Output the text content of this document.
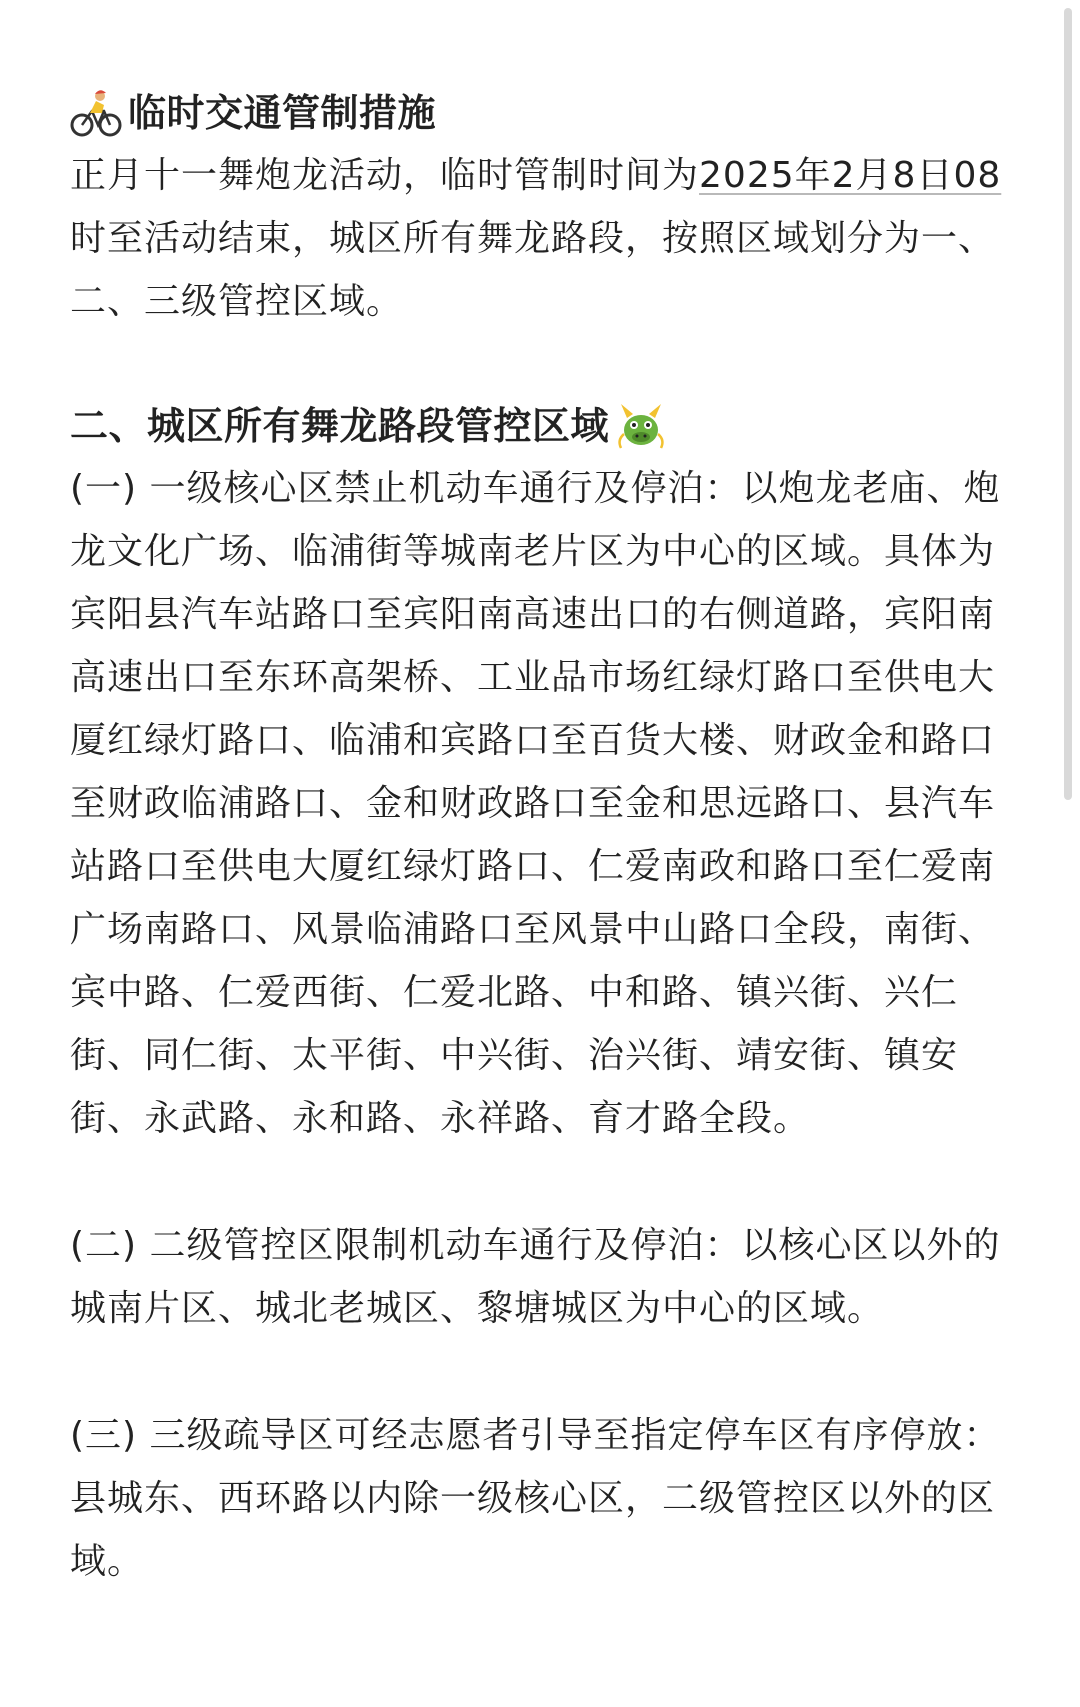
临时交通管制措施

正月十一舞炮龙活动，临时管制时间为2025年2月8日08时至活动结束，城区所有舞龙路段，按照区域划分为一、二、三级管控区域。

二、城区所有舞龙路段管控区域

(一) 一级核心区禁止机动车通行及停泊：以炮龙老庙、炮龙文化广场、临浦街等城南老片区为中心的区域。具体为宾阳县汽车站路口至宾阳南高速出口的右侧道路，宾阳南高速出口至东环高架桥、工业品市场红绿灯路口至供电大厦红绿灯路口、临浦和宾路口至百货大楼、财政金和路口至财政临浦路口、金和财政路口至金和思远路口、县汽车站路口至供电大厦红绿灯路口、仁爱南政和路口至仁爱南广场南路口、风景临浦路口至风景中山路口全段，南街、宾中路、仁爱西街、仁爱北路、中和路、镇兴街、兴仁街、同仁街、太平街、中兴街、治兴街、靖安街、镇安街、永武路、永和路、永祥路、育才路全段。

(二) 二级管控区限制机动车通行及停泊：以核心区以外的城南片区、城北老城区、黎塘城区为中心的区域。

(三) 三级疏导区可经志愿者引导至指定停车区有序停放：县城东、西环路以内除一级核心区，二级管控区以外的区域。
